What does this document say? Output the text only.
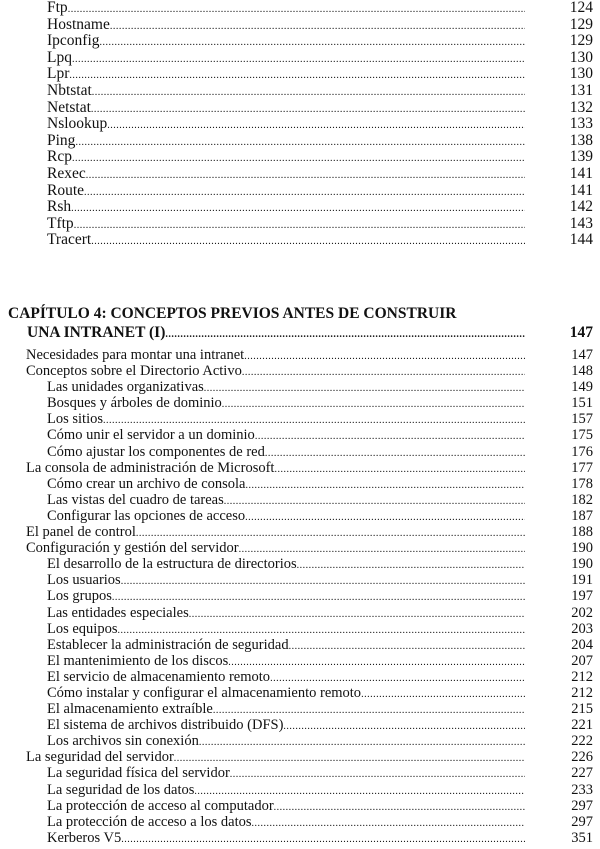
Ftp .....	124
Hostname .....	129
Ipconfig .....	129
Lpq .....	130
Lpr .....	130
Nbtstat .....	131
Netstat .....	132
Nslookup .....	133
Ping .....	138
Rcp .....	139
Rexec .....	141
Route .....	141
Rsh .....	142
Tftp .....	143
Tracert .....	144
CAPÍTULO 4: CONCEPTOS PREVIOS ANTES DE CONSTRUIR
UNA INTRANET (I) .....	147
Necesidades para montar una intranet .....	147
Conceptos sobre el Directorio Activo .....	148
Las unidades organizativas .....	149
Bosques y árboles de dominio .....	151
Los sitios .....	157
Cómo unir el servidor a un dominio .....	175
Cómo ajustar los componentes de red .....	176
La consola de administración de Microsoft .....	177
Cómo crear un archivo de consola .....	178
Las vistas del cuadro de tareas .....	182
Configurar las opciones de acceso .....	187
El panel de control .....	188
Configuración y gestión del servidor .....	190
El desarrollo de la estructura de directorios .....	190
Los usuarios .....	191
Los grupos .....	197
Las entidades especiales .....	202
Los equipos .....	203
Establecer la administración de seguridad .....	204
El mantenimiento de los discos .....	207
El servicio de almacenamiento remoto .....	212
Cómo instalar y configurar el almacenamiento remoto .....	212
El almacenamiento extraíble .....	215
El sistema de archivos distribuido (DFS) .....	221
Los archivos sin conexión .....	222
La seguridad del servidor .....	226
La seguridad física del servidor .....	227
La seguridad de los datos .....	233
La protección de acceso al computador .....	297
La protección de acceso a los datos .....	297
Kerberos V5 .....	351
